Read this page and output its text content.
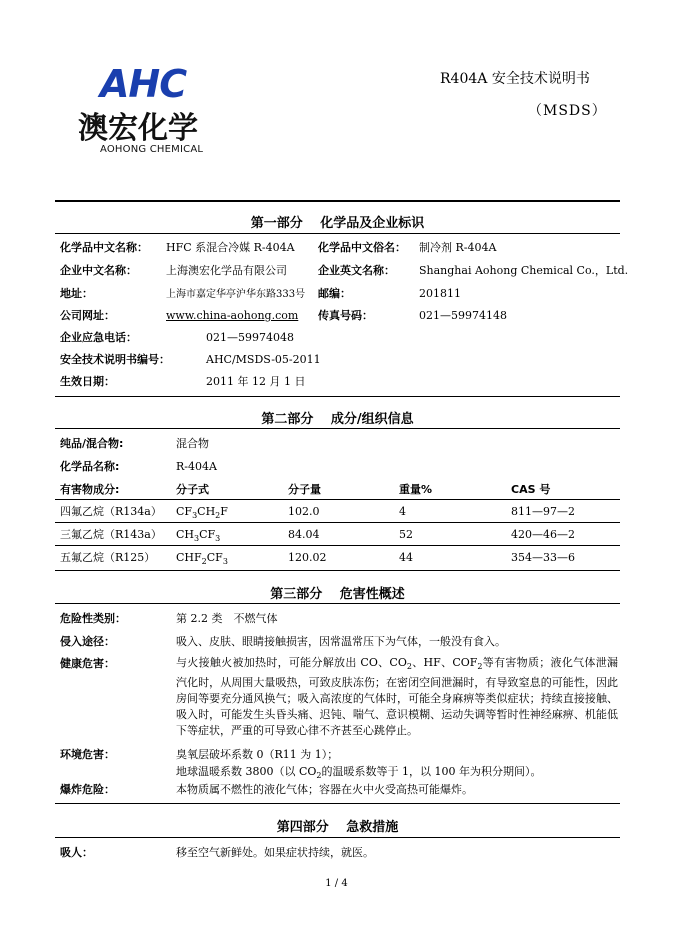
AHC
澳宏化学
AOHONG CHEMICAL
R404A 安全技术说明书
（MSDS）
第一部分　 化学品及企业标识
化学品中文名称： HFC 系混合冷媒 R-404A 化学品中文俗名： 制冷剂 R-404A
企业中文名称：	上海澳宏化学品有限公司	企业英文名称： Shanghai Aohong Chemical Co.，Ltd.
地址：	上海市嘉定华亭沪华东路333号 邮编：	201811
公司网址：	www.china-aohong.com 传真号码：	021—59974148
企业应急电话：	021—59974048
安全技术说明书编号：	AHC/MSDS-05-2011
生效日期：	2011 年 12 月 1 日
第二部分　 成分/组织信息
纯品/混合物:	混合物
化学品名称:	R-404A
有害物成分:	分子式	分子量	重量%	CAS 号
四氟乙烷（R134a） $CF_3CH_2F$	102.0	4	811—97—2
三氟乙烷（R143a） $CH_3CF_3$	84.04	52	420—46—2
五氟乙烷（R125） $CHF_2CF_3$	120.02	44	354—33—6
第三部分　 危害性概述
危险性类别：	第 2.2 类　不燃气体
侵入途径：	吸入、皮肤、眼睛接触损害，因常温常压下为气体，一般没有食入。
健康危害：	与火接触火被加热时，可能分解放出 CO、$CO_2$、HF、$COF_2$等有害物质；液化气体泄漏汽化时，从周围大量吸热，可致皮肤冻伤；在密闭空间泄漏时，有导致窒息的可能性，因此房间等要充分通风换气；吸入高浓度的气体时，可能全身麻痹等类似症状；持续直接接触、吸入时，可能发生头昏头痛、迟钝、喘气、意识模糊、运动失调等暂时性神经麻痹、机能低下等症状，严重的可导致心律不齐甚至心跳停止。
环境危害：	臭氧层破坏系数 0（R11 为 1）；
地球温暖系数 3800（以 $CO_2$的温暖系数等于 1，以 100 年为积分期间）。
爆炸危险：	本物质属不燃性的液化气体；容器在火中火受高热可能爆炸。
第四部分　 急救措施
吸人：	移至空气新鲜处。如果症状持续，就医。
1 / 4
